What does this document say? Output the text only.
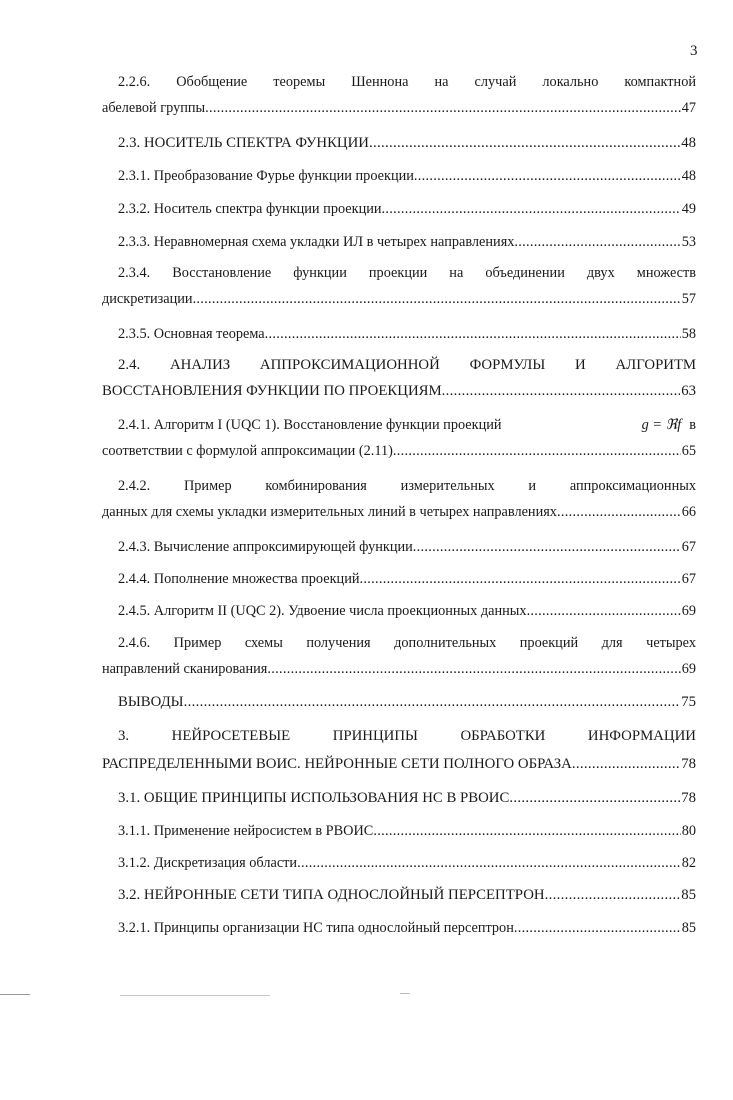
3
2.2.6. Обобщение теоремы Шеннона на случай локально компактной
абелевой группы .....	47
2.3. НОСИТЕЛЬ СПЕКТРА ФУНКЦИИ .....	48
2.3.1. Преобразование Фурье функции проекции .....	48
2.3.2. Носитель спектра функции проекции .....	49
2.3.3. Неравномерная схема укладки ИЛ в четырех направлениях .....	53
2.3.4. Восстановление функции проекции на объединении двух множеств
дискретизации .....	57
2.3.5. Основная теорема .....	58
2.4. АНАЛИЗ АППРОКСИМАЦИОННОЙ ФОРМУЛЫ И АЛГОРИТМ
ВОССТАНОВЛЕНИЯ ФУНКЦИИ ПО ПРОЕКЦИЯМ .....	63
2.4.1. Алгоритм I (UQC 1). Восстановление функции проекций	g = ℜf в
соответствии с формулой аппроксимации (2.11) .....	65
2.4.2. Пример комбинирования измерительных и аппроксимационных
данных для схемы укладки измерительных линий в четырех направлениях .....	66
2.4.3. Вычисление аппроксимирующей функции .....	67
2.4.4. Пополнение множества проекций .....	67
2.4.5. Алгоритм II (UQC 2). Удвоение числа проекционных данных .....	69
2.4.6. Пример схемы получения дополнительных проекций для четырех
направлений сканирования .....	69
ВЫВОДЫ .....	75
3. НЕЙРОСЕТЕВЫЕ ПРИНЦИПЫ ОБРАБОТКИ ИНФОРМАЦИИ
РАСПРЕДЕЛЕННЫМИ ВОИС. НЕЙРОННЫЕ СЕТИ ПОЛНОГО ОБРАЗА .....	78
3.1. ОБЩИЕ ПРИНЦИПЫ ИСПОЛЬЗОВАНИЯ НС В РВОИС .....	78
3.1.1. Применение нейросистем в РВОИС .....	80
3.1.2. Дискретизация области .....	82
3.2. НЕЙРОННЫЕ СЕТИ ТИПА ОДНОСЛОЙНЫЙ ПЕРСЕПТРОН .....	85
3.2.1. Принципы организации НС типа однослойный персептрон .....	85
